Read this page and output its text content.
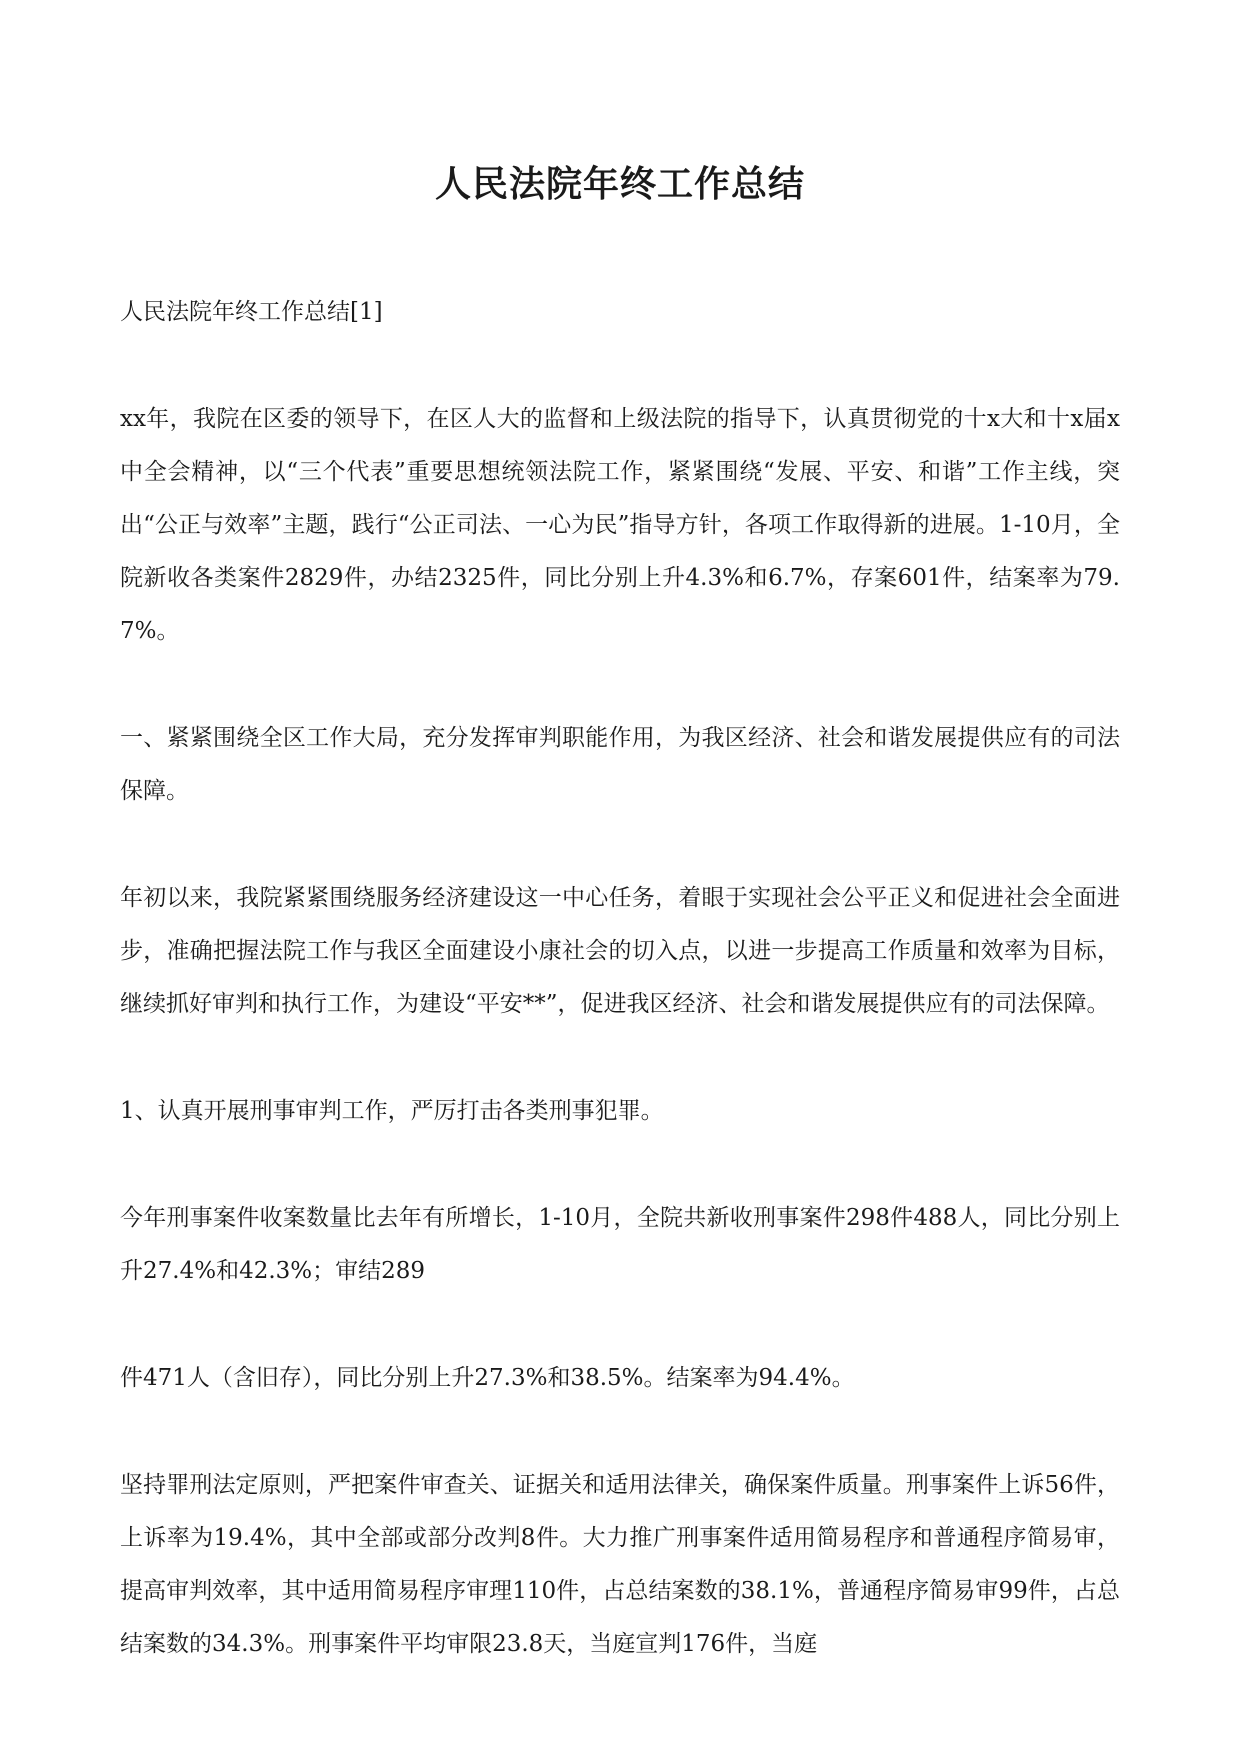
人民法院年终工作总结

人民法院年终工作总结[1]

xx年，我院在区委的领导下，在区人大的监督和上级法院的指导下，认真贯彻党的十x大和十x届x中全会精神，以“三个代表”重要思想统领法院工作，紧紧围绕“发展、平安、和谐”工作主线，突出“公正与效率”主题，践行“公正司法、一心为民”指导方针，各项工作取得新的进展。1-10月，全院新收各类案件2829件，办结2325件，同比分别上升4.3%和6.7%，存案601件，结案率为79.7%。

一、紧紧围绕全区工作大局，充分发挥审判职能作用，为我区经济、社会和谐发展提供应有的司法保障。

年初以来，我院紧紧围绕服务经济建设这一中心任务，着眼于实现社会公平正义和促进社会全面进步，准确把握法院工作与我区全面建设小康社会的切入点，以进一步提高工作质量和效率为目标，继续抓好审判和执行工作，为建设“平安**”，促进我区经济、社会和谐发展提供应有的司法保障。

1、认真开展刑事审判工作，严厉打击各类刑事犯罪。

今年刑事案件收案数量比去年有所增长，1-10月，全院共新收刑事案件298件488人，同比分别上升27.4%和42.3%；审结289

件471人（含旧存），同比分别上升27.3%和38.5%。结案率为94.4%。

坚持罪刑法定原则，严把案件审查关、证据关和适用法律关，确保案件质量。刑事案件上诉56件，上诉率为19.4%，其中全部或部分改判8件。大力推广刑事案件适用简易程序和普通程序简易审，提高审判效率，其中适用简易程序审理110件，占总结案数的38.1%，普通程序简易审99件，占总结案数的34.3%。刑事案件平均审限23.8天，当庭宣判176件，当庭
